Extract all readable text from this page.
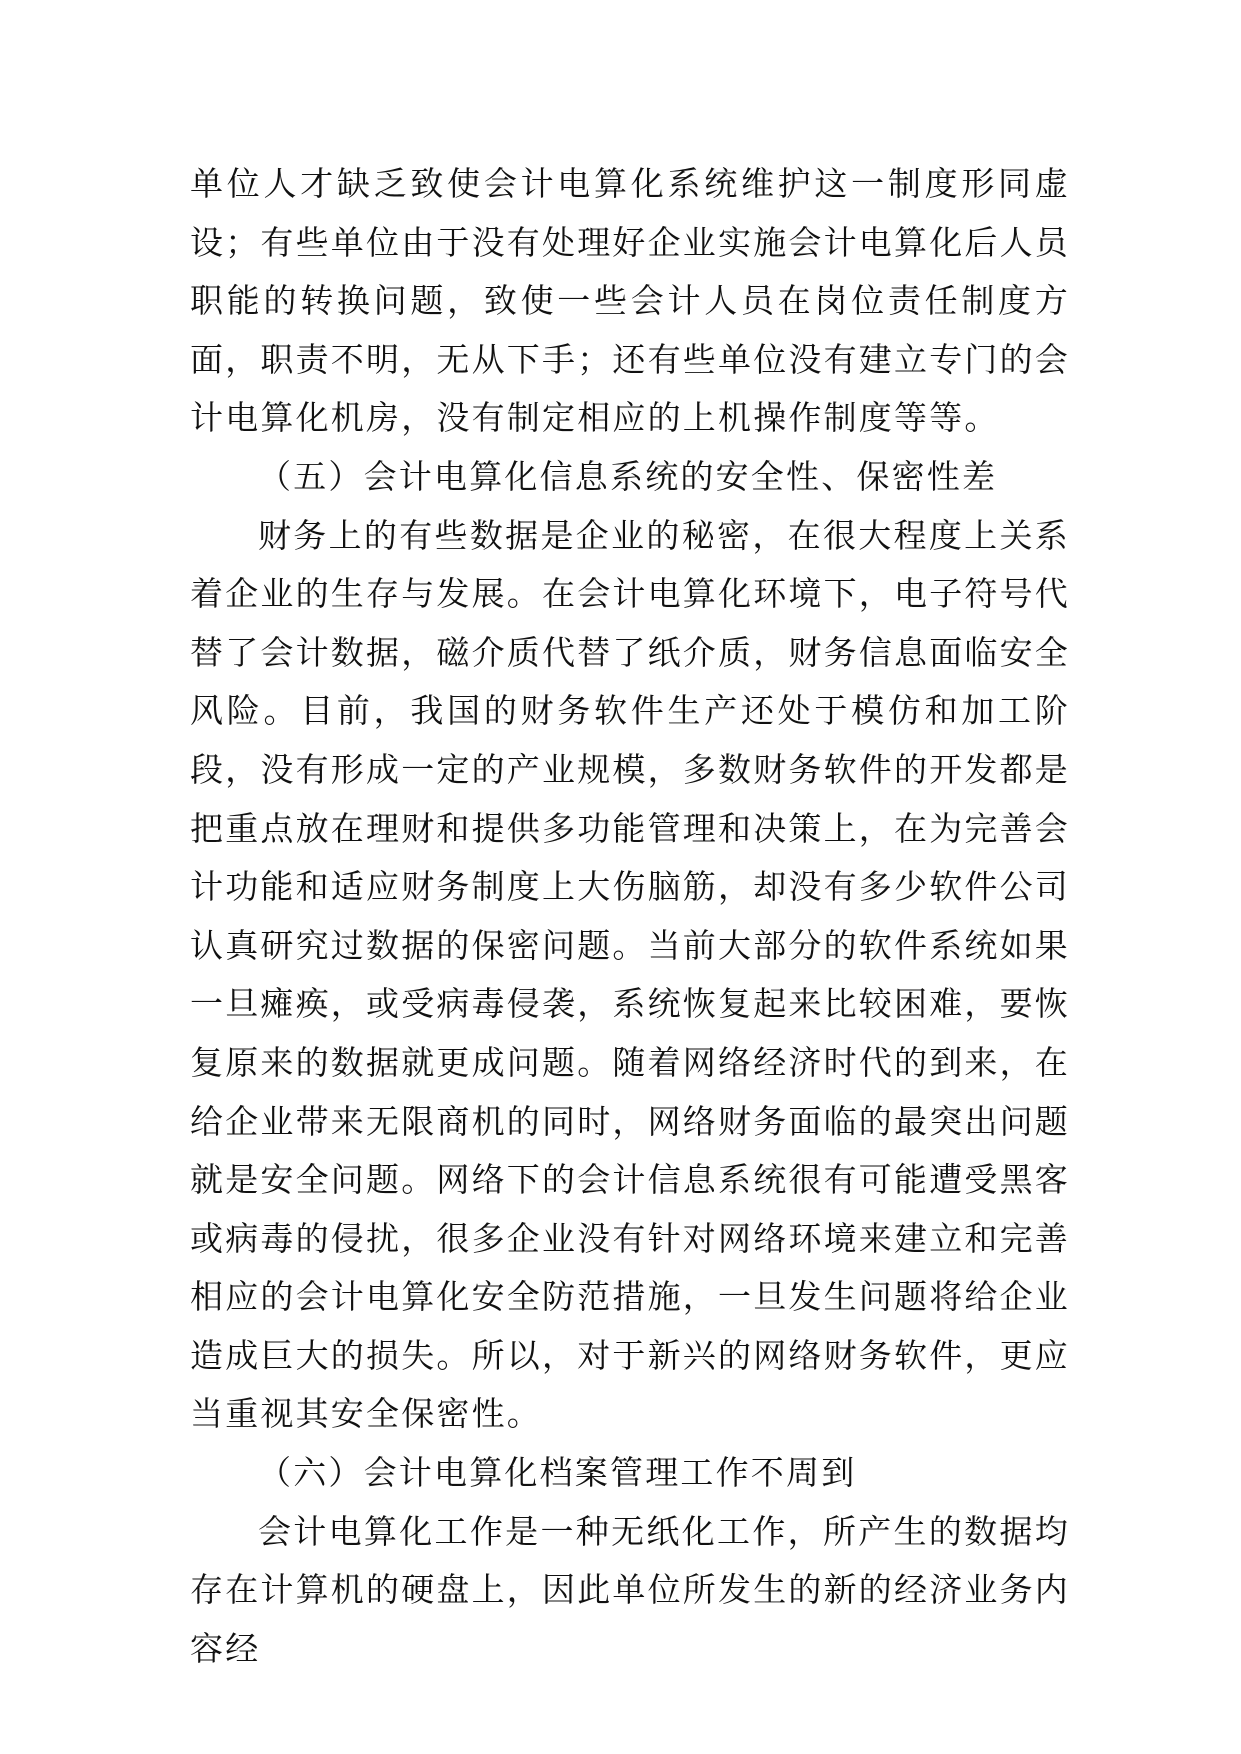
单位人才缺乏致使会计电算化系统维护这一制度形同虚设；有些单位由于没有处理好企业实施会计电算化后人员职能的转换问题，致使一些会计人员在岗位责任制度方面，职责不明，无从下手；还有些单位没有建立专门的会计电算化机房，没有制定相应的上机操作制度等等。

（五）会计电算化信息系统的安全性、保密性差

财务上的有些数据是企业的秘密，在很大程度上关系着企业的生存与发展。在会计电算化环境下，电子符号代替了会计数据，磁介质代替了纸介质，财务信息面临安全风险。目前，我国的财务软件生产还处于模仿和加工阶段，没有形成一定的产业规模，多数财务软件的开发都是把重点放在理财和提供多功能管理和决策上，在为完善会计功能和适应财务制度上大伤脑筋，却没有多少软件公司认真研究过数据的保密问题。当前大部分的软件系统如果一旦瘫痪，或受病毒侵袭，系统恢复起来比较困难，要恢复原来的数据就更成问题。随着网络经济时代的到来，在给企业带来无限商机的同时，网络财务面临的最突出问题就是安全问题。网络下的会计信息系统很有可能遭受黑客或病毒的侵扰，很多企业没有针对网络环境来建立和完善相应的会计电算化安全防范措施，一旦发生问题将给企业造成巨大的损失。所以，对于新兴的网络财务软件，更应当重视其安全保密性。

（六）会计电算化档案管理工作不周到

会计电算化工作是一种无纸化工作，所产生的数据均存在计算机的硬盘上，因此单位所发生的新的经济业务内容经
